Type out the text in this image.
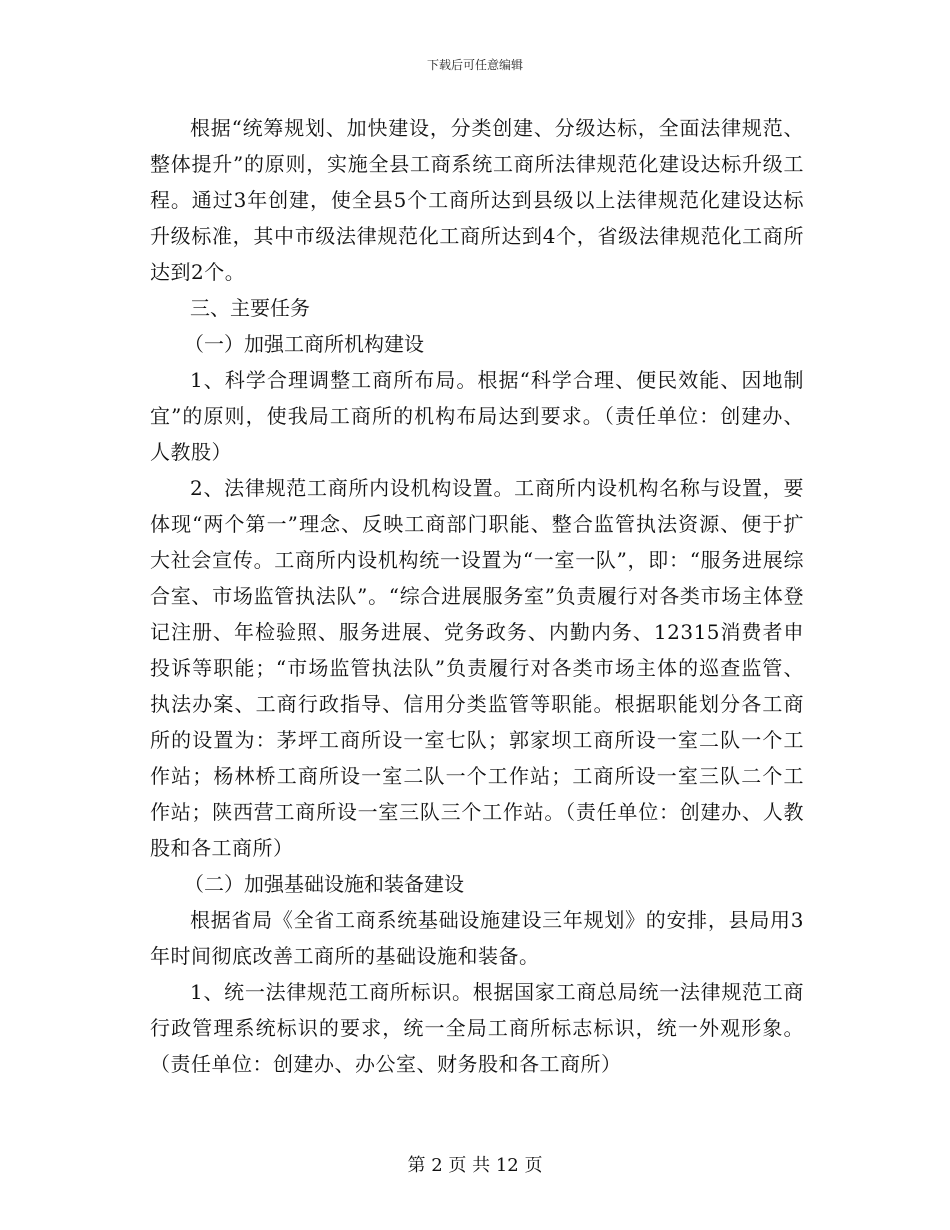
下载后可任意编辑

根据“统筹规划、加快建设，分类创建、分级达标，全面法律规范、整体提升”的原则，实施全县工商系统工商所法律规范化建设达标升级工程。通过3年创建，使全县5个工商所达到县级以上法律规范化建设达标升级标准，其中市级法律规范化工商所达到4个，省级法律规范化工商所达到2个。

三、主要任务

（一）加强工商所机构建设

1、科学合理调整工商所布局。根据“科学合理、便民效能、因地制宜”的原则，使我局工商所的机构布局达到要求。（责任单位：创建办、人教股）

2、法律规范工商所内设机构设置。工商所内设机构名称与设置，要体现“两个第一”理念、反映工商部门职能、整合监管执法资源、便于扩大社会宣传。工商所内设机构统一设置为“一室一队”，即：“服务进展综合室、市场监管执法队”。“综合进展服务室”负责履行对各类市场主体登记注册、年检验照、服务进展、党务政务、内勤内务、12315消费者申投诉等职能；“市场监管执法队”负责履行对各类市场主体的巡查监管、执法办案、工商行政指导、信用分类监管等职能。根据职能划分各工商所的设置为：茅坪工商所设一室七队；郭家坝工商所设一室二队一个工作站；杨林桥工商所设一室二队一个工作站；工商所设一室三队二个工作站；陕西营工商所设一室三队三个工作站。（责任单位：创建办、人教股和各工商所）

（二）加强基础设施和装备建设

根据省局《全省工商系统基础设施建设三年规划》的安排，县局用3年时间彻底改善工商所的基础设施和装备。

1、统一法律规范工商所标识。根据国家工商总局统一法律规范工商行政管理系统标识的要求，统一全局工商所标志标识，统一外观形象。（责任单位：创建办、办公室、财务股和各工商所）

第 2 页 共 12 页
